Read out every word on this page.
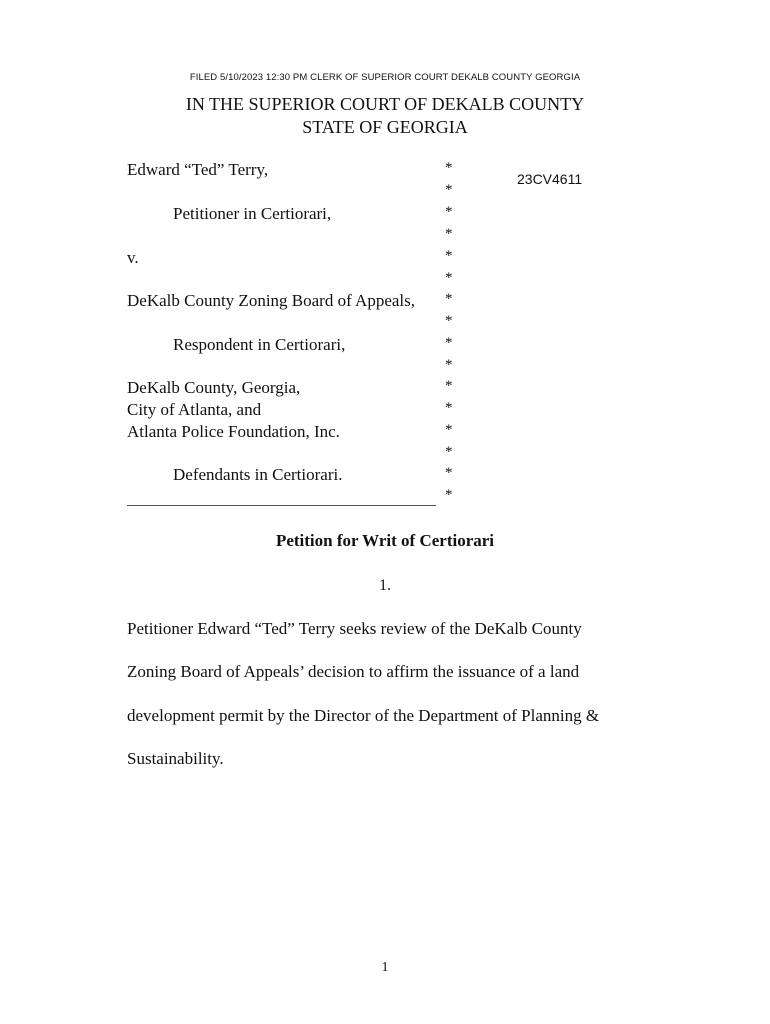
FILED 5/10/2023 12:30 PM CLERK OF SUPERIOR COURT DEKALB COUNTY GEORGIA
IN THE SUPERIOR COURT OF DEKALB COUNTY
STATE OF GEORGIA
Edward “Ted” Terry,
Petitioner in Certiorari,
v.
DeKalb County Zoning Board of Appeals,
Respondent in Certiorari,
DeKalb County, Georgia,
City of Atlanta, and
Atlanta Police Foundation, Inc.
Defendants in Certiorari.
*
*
*
*
*
*
*
*
*
*
*
*
*
*
*
*
23CV4611
Petition for Writ of Certiorari
1.
Petitioner Edward “Ted” Terry seeks review of the DeKalb County
Zoning Board of Appeals’ decision to affirm the issuance of a land
development permit by the Director of the Department of Planning &
Sustainability.
1
